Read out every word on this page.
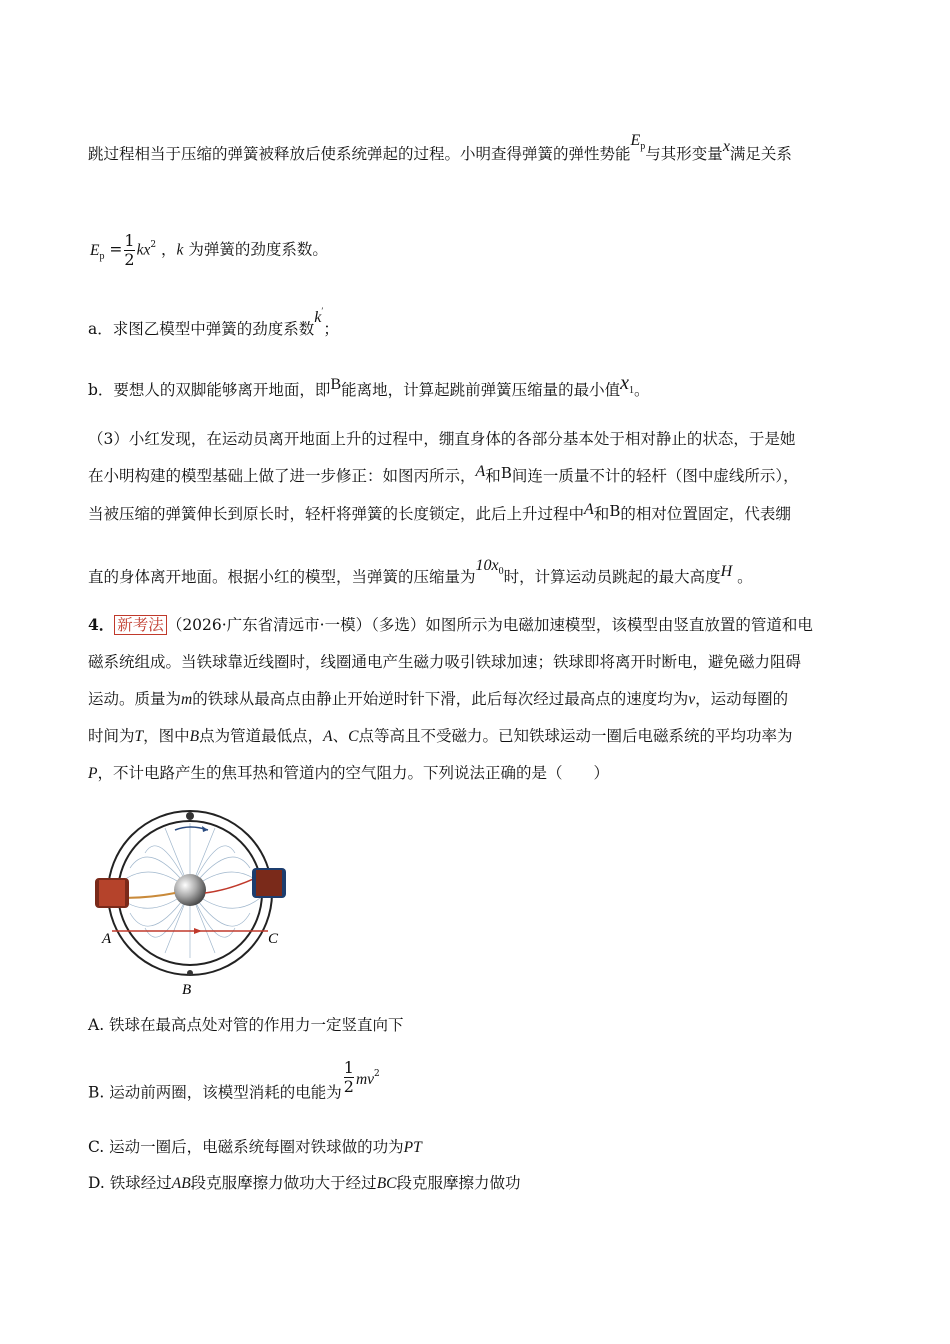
跳过程相当于压缩的弹簧被释放后使系统弹起的过程。小明查得弹簧的弹性势能$E_p$与其形变量x满足关系
$E_p = \frac{1}{2} kx^2$ ，k 为弹簧的劲度系数。
a．求图乙模型中弹簧的劲度系数k′；
b．要想人的双脚能够离开地面，即B能离地，计算起跳前弹簧压缩量的最小值$x_1$。
（3）小红发现，在运动员离开地面上升的过程中，绷直身体的各部分基本处于相对静止的状态，于是她
在小明构建的模型基础上做了进一步修正：如图丙所示，A和B间连一质量不计的轻杆（图中虚线所示），
当被压缩的弹簧伸长到原长时，轻杆将弹簧的长度锁定，此后上升过程中A和B的相对位置固定，代表绷
直的身体离开地面。根据小红的模型，当弹簧的压缩量为$10x_0$时，计算运动员跳起的最大高度H 。
4． 新考法 （2026·广东省清远市·一模）（多选）如图所示为电磁加速模型，该模型由竖直放置的管道和电
磁系统组成。当铁球靠近线圈时，线圈通电产生磁力吸引铁球加速；铁球即将离开时断电，避免磁力阻碍
运动。质量为m的铁球从最高点由静止开始逆时针下滑，此后每次经过最高点的速度均为v，运动每圈的
时间为T，图中B点为管道最低点，A、C点等高且不受磁力。已知铁球运动一圈后电磁系统的平均功率为
P，不计电路产生的焦耳热和管道内的空气阻力。下列说法正确的是（　　）
A	C
B
A. 铁球在最高点处对管的作用力一定竖直向下
B. 运动前两圈，该模型消耗的电能为 $\frac{1}{2} mv^2$
C. 运动一圈后，电磁系统每圈对铁球做的功为PT
D. 铁球经过AB段克服摩擦力做功大于经过BC段克服摩擦力做功
